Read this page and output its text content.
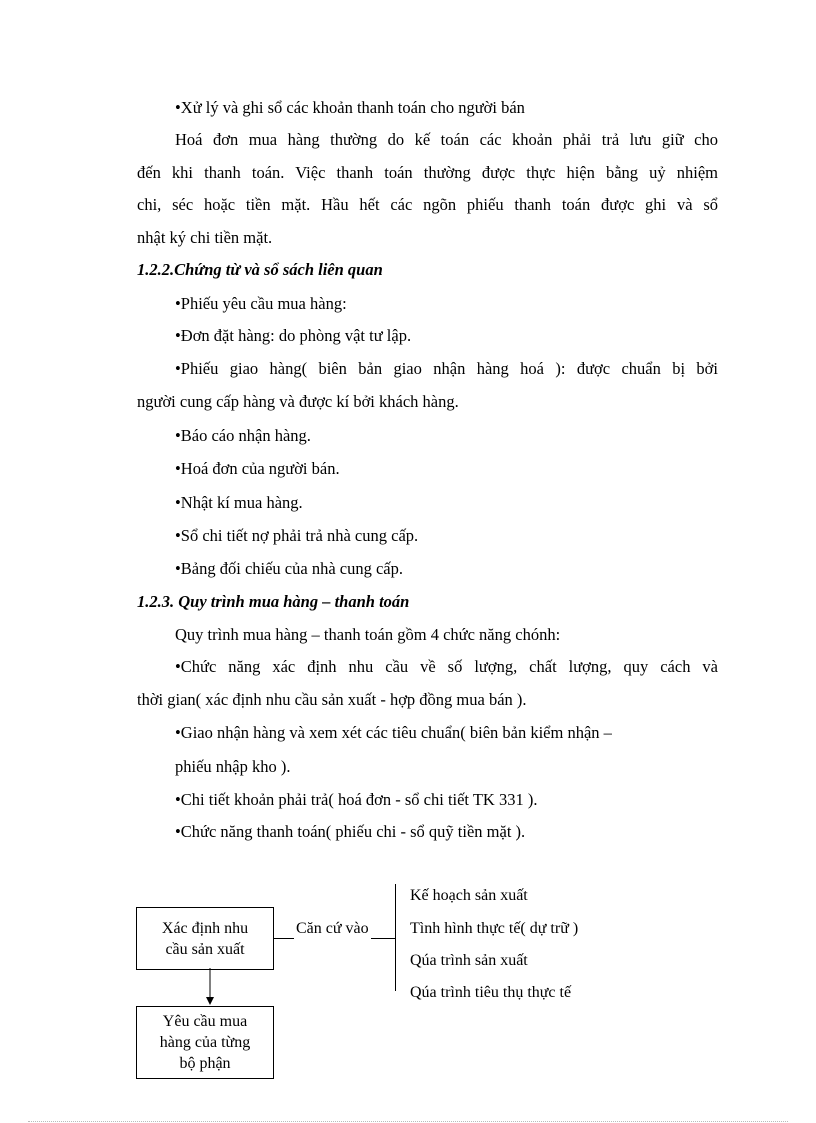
•Xử lý và ghi sổ các khoản thanh toán cho người bán
Hoá đơn mua hàng thường do kế toán các khoản phải trả lưu giữ cho
đến khi thanh toán. Việc thanh toán thường được thực hiện bằng uỷ nhiệm
chi, séc hoặc tiền mặt. Hầu hết các ngõn phiếu thanh toán được ghi và sổ
nhật ký chi tiền mặt.
1.2.2.Chứng từ và sổ sách liên quan
•Phiếu yêu cầu mua hàng:
•Đơn đặt hàng: do phòng vật tư lập.
•Phiếu giao hàng( biên bản giao nhận hàng hoá ): được chuẩn bị bởi
người cung cấp hàng và được kí bởi khách hàng.
•Báo cáo nhận hàng.
•Hoá đơn của người bán.
•Nhật kí mua hàng.
•Sổ chi tiết nợ phải trả nhà cung cấp.
•Bảng đối chiếu của nhà cung cấp.
1.2.3. Quy trình mua hàng – thanh toán
Quy trình mua hàng – thanh toán gồm 4 chức năng chónh:
•Chức năng xác định nhu cầu về số lượng, chất lượng, quy cách và
thời gian( xác định nhu cầu sản xuất - hợp đồng mua bán ).
•Giao nhận hàng và xem xét các tiêu chuẩn( biên bản kiểm nhận –
phiếu nhập kho ).
•Chi tiết khoản phải trả( hoá đơn - sổ chi tiết TK 331 ).
•Chức năng thanh toán( phiếu chi - sổ quỹ tiền mặt ).
Xác định nhu
cầu sản xuất
Căn cứ vào
Kế hoạch sản xuất
Tình hình thực tế( dự trữ )
Qúa trình sản xuất
Qúa trình tiêu thụ thực tế
Yêu cầu mua
hàng của từng
bộ phận
